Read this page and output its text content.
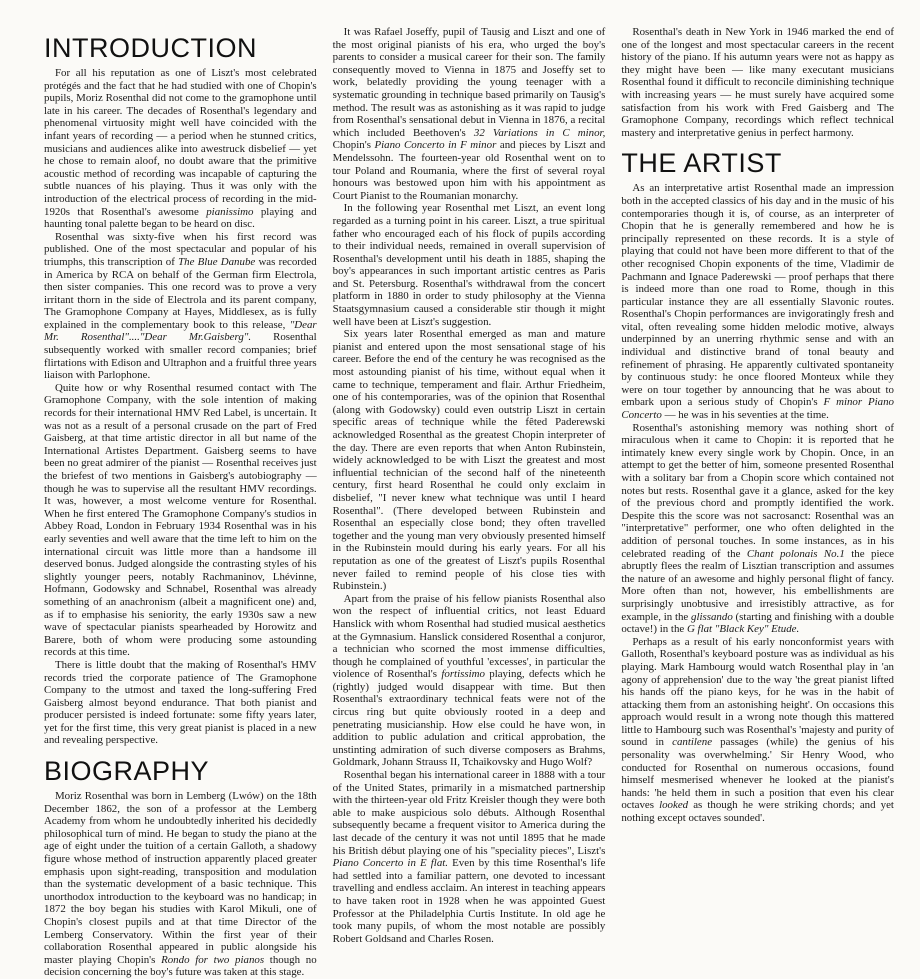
INTRODUCTION

For all his reputation as one of Liszt's most celebrated protégés and the fact that he had studied with one of Chopin's pupils, Moriz Rosenthal did not come to the gramophone until late in his career. The decades of Rosenthal's legendary and phenomenal virtuosity might well have coincided with the infant years of recording — a period when he stunned critics, musicians and audiences alike into awestruck disbelief — yet he chose to remain aloof, no doubt aware that the primitive acoustic method of recording was incapable of capturing the subtle nuances of his playing. Thus it was only with the introduction of the electrical process of recording in the mid-1920s that Rosenthal's awesome pianissimo playing and haunting tonal palette began to be heard on disc.

Rosenthal was sixty-five when his first record was published. One of the most spectacular and popular of his triumphs, this transcription of The Blue Danube was recorded in America by RCA on behalf of the German firm Electrola, then sister companies. This one record was to prove a very irritant thorn in the side of Electrola and its parent company, The Gramophone Company at Hayes, Middlesex, as is fully explained in the complementary book to this release, "Dear Mr. Rosenthal"...."Dear Mr.Gaisberg". Rosenthal subsequently worked with smaller record companies; brief flirtations with Edison and Ultraphon and a fruitful three years liaison with Parlophone.

Quite how or why Rosenthal resumed contact with The Gramophone Company, with the sole intention of making records for their international HMV Red Label, is uncertain. It was not as a result of a personal crusade on the part of Fred Gaisberg, at that time artistic director in all but name of the International Artistes Department. Gaisberg seems to have been no great admirer of the pianist — Rosenthal receives just the briefest of two mentions in Gaisberg's autobiography — though he was to supervise all the resultant HMV recordings. It was, however, a most welcome venture for Rosenthal. When he first entered The Gramophone Company's studios in Abbey Road, London in February 1934 Rosenthal was in his early seventies and well aware that the time left to him on the international circuit was little more than a handsome ill deserved bonus. Judged alongside the contrasting styles of his slightly younger peers, notably Rachmaninov, Lhévinne, Hofmann, Godowsky and Schnabel, Rosenthal was already something of an anachronism (albeit a magnificent one) and, as if to emphasise his seniority, the early 1930s saw a new wave of spectacular pianists spearheaded by Horowitz and Barere, both of whom were producing some astounding records at this time.

There is little doubt that the making of Rosenthal's HMV records tried the corporate patience of The Gramophone Company to the utmost and taxed the long-suffering Fred Gaisberg almost beyond endurance. That both pianist and producer persisted is indeed fortunate: some fifty years later, yet for the first time, this very great pianist is placed in a new and revealing perspective.

BIOGRAPHY

Moriz Rosenthal was born in Lemberg (Lwów) on the 18th December 1862, the son of a professor at the Lemberg Academy from whom he undoubtedly inherited his decidedly philosophical turn of mind. He began to study the piano at the age of eight under the tuition of a certain Galloth, a shadowy figure whose method of instruction apparently placed greater emphasis upon sight-reading, transposition and modulation than the systematic development of a basic technique. This unorthodox introduction to the keyboard was no handicap; in 1872 the boy began his studies with Karol Mikuli, one of Chopin's closest pupils and at that time Director of the Lemberg Conservatory. Within the first year of their collaboration Rosenthal appeared in public alongside his master playing Chopin's Rondo for two pianos though no decision concerning the boy's future was taken at this stage.

It was Rafael Joseffy, pupil of Tausig and Liszt and one of the most original pianists of his era, who urged the boy's parents to consider a musical career for their son. The family consequently moved to Vienna in 1875 and Joseffy set to work, belatedly providing the young teenager with a systematic grounding in technique based primarily on Tausig's method. The result was as astonishing as it was rapid to judge from Rosenthal's sensational debut in Vienna in 1876, a recital which included Beethoven's 32 Variations in C minor, Chopin's Piano Concerto in F minor and pieces by Liszt and Mendelssohn. The fourteen-year old Rosenthal went on to tour Poland and Roumania, where the first of several royal honours was bestowed upon him with his appointment as Court Pianist to the Roumanian monarchy.

In the following year Rosenthal met Liszt, an event long regarded as a turning point in his career. Liszt, a true spiritual father who encouraged each of his flock of pupils according to their individual needs, remained in overall supervision of Rosenthal's development until his death in 1885, shaping the boy's appearances in such important artistic centres as Paris and St. Petersburg. Rosenthal's withdrawal from the concert platform in 1880 in order to study philosophy at the Vienna Staatsgymnasium caused a considerable stir though it might well have been at Liszt's suggestion.

Six years later Rosenthal emerged as man and mature pianist and entered upon the most sensational stage of his career. Before the end of the century he was recognised as the most astounding pianist of his time, without equal when it came to technique, temperament and flair. Arthur Friedheim, one of his contemporaries, was of the opinion that Rosenthal (along with Godowsky) could even outstrip Liszt in certain specific areas of technique while the fêted Paderewski acknowledged Rosenthal as the greatest Chopin interpreter of the day. There are even reports that when Anton Rubinstein, widely acknowledged to be with Liszt the greatest and most influential technician of the second half of the nineteenth century, first heard Rosenthal he could only exclaim in disbelief, "I never knew what technique was until I heard Rosenthal". (There developed between Rubinstein and Rosenthal an especially close bond; they often travelled together and the young man very obviously presented himself in the Rubinstein mould during his early years. For all his reputation as one of the greatest of Liszt's pupils Rosenthal never failed to remind people of his close ties with Rubinstein.)

Apart from the praise of his fellow pianists Rosenthal also won the respect of influential critics, not least Eduard Hanslick with whom Rosenthal had studied musical aesthetics at the Gymnasium. Hanslick considered Rosenthal a conjuror, a technician who scorned the most immense difficulties, though he complained of youthful 'excesses', in particular the violence of Rosenthal's fortissimo playing, defects which he (rightly) judged would disappear with time. But then Rosenthal's extraordinary technical feats were not of the circus ring but quite obviously rooted in a deep and penetrating musicianship. How else could he have won, in addition to public adulation and critical approbation, the unstinting admiration of such diverse composers as Brahms, Goldmark, Johann Strauss II, Tchaikovsky and Hugo Wolf?

Rosenthal began his international career in 1888 with a tour of the United States, primarily in a mismatched partnership with the thirteen-year old Fritz Kreisler though they were both able to make auspicious solo débuts. Although Rosenthal subsequently became a frequent visitor to America during the last decade of the century it was not until 1895 that he made his British début playing one of his "speciality pieces", Liszt's Piano Concerto in E flat. Even by this time Rosenthal's life had settled into a familiar pattern, one devoted to incessant travelling and endless acclaim. An interest in teaching appears to have taken root in 1928 when he was appointed Guest Professor at the Philadelphia Curtis Institute. In old age he took many pupils, of whom the most notable are possibly Robert Goldsand and Charles Rosen.

Rosenthal's death in New York in 1946 marked the end of one of the longest and most spectacular careers in the recent history of the piano. If his autumn years were not as happy as they might have been — like many executant musicians Rosenthal found it difficult to reconcile diminishing technique with increasing years — he must surely have acquired some satisfaction from his work with Fred Gaisberg and The Gramophone Company, recordings which reflect technical mastery and interpretative genius in perfect harmony.

THE ARTIST

As an interpretative artist Rosenthal made an impression both in the accepted classics of his day and in the music of his contemporaries though it is, of course, as an interpreter of Chopin that he is generally remembered and how he is principally represented on these records. It is a style of playing that could not have been more different to that of the other recognised Chopin exponents of the time, Vladimir de Pachmann and Ignace Paderewski — proof perhaps that there is indeed more than one road to Rome, though in this particular instance they are all essentially Slavonic routes. Rosenthal's Chopin performances are invigoratingly fresh and vital, often revealing some hidden melodic motive, always underpinned by an unerring rhythmic sense and with an individual and distinctive brand of tonal beauty and refinement of phrasing. He apparently cultivated spontaneity by continuous study: he once floored Monteux while they were on tour together by announcing that he was about to embark upon a serious study of Chopin's F minor Piano Concerto — he was in his seventies at the time.

Rosenthal's astonishing memory was nothing short of miraculous when it came to Chopin: it is reported that he intimately knew every single work by Chopin. Once, in an attempt to get the better of him, someone presented Rosenthal with a solitary bar from a Chopin score which contained not notes but rests. Rosenthal gave it a glance, asked for the key of the previous chord and promptly identified the work. Despite this the score was not sacrosanct: Rosenthal was an "interpretative" performer, one who often delighted in the addition of personal touches. In some instances, as in his celebrated reading of the Chant polonais No.1 the piece abruptly flees the realm of Lisztian transcription and assumes the nature of an awesome and highly personal flight of fancy. More often than not, however, his embellishments are surprisingly unobtusive and irresistibly attractive, as for example, in the glissando (starting and finishing with a double octave!) in the G flat "Black Key" Etude.

Perhaps as a result of his early nonconformist years with Galloth, Rosenthal's keyboard posture was as individual as his playing. Mark Hambourg would watch Rosenthal play in 'an agony of apprehension' due to the way 'the great pianist lifted his hands off the piano keys, for he was in the habit of attacking them from an astonishing height'. On occasions this approach would result in a wrong note though this mattered little to Hambourg such was Rosenthal's 'majesty and purity of sound in cantilene passages (while) the genius of his personality was overwhelming.' Sir Henry Wood, who conducted for Rosenthal on numerous occasions, found himself mesmerised whenever he looked at the pianist's hands: 'he held them in such a position that even his clear octaves looked as though he were striking chords; and yet nothing except octaves sounded'.
